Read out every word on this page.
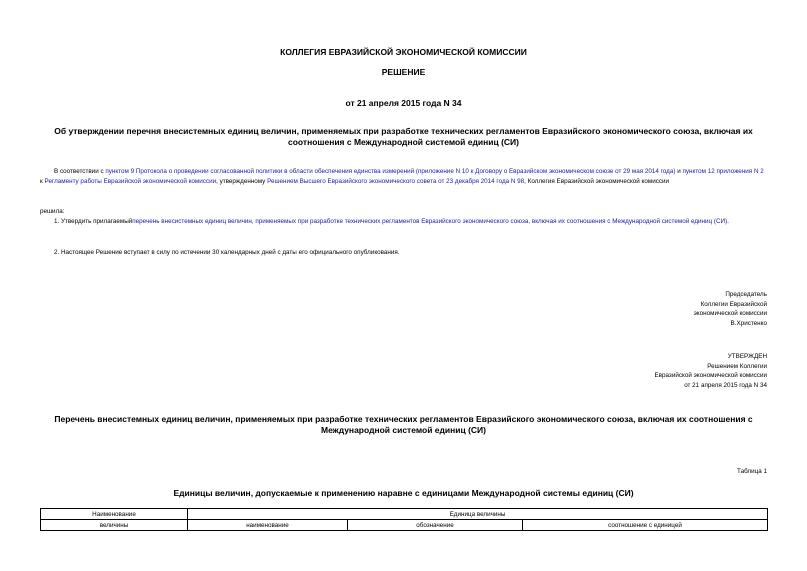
КОЛЛЕГИЯ ЕВРАЗИЙСКОЙ ЭКОНОМИЧЕСКОЙ КОМИССИИ
РЕШЕНИЕ
от 21 апреля 2015 года N 34
Об утверждении перечня внесистемных единиц величин, применяемых при разработке технических регламентов Евразийского экономического союза, включая их соотношения с Международной системой единиц (СИ)
В соответствии с пунктом 9 Протокола о проведении согласованной политики в области обеспечения единства измерений (приложение N 10 к Договору о Евразийском экономическом союзе от 29 мая 2014 года) и пунктом 12 приложения N 2 к Регламенту работы Евразийской экономической комиссии, утвержденному Решением Высшего Евразийского экономического совета от 23 декабря 2014 года N 98, Коллегия Евразийской экономической комиссии
решила:
1. Утвердить прилагаемыйперечень внесистемных единиц величин, применяемых при разработке технических регламентов Евразийского экономического союза, включая их соотношения с Международной системой единиц (СИ).
2. Настоящее Решение вступает в силу по истечении 30 календарных дней с даты его официального опубликования.
Председатель
Коллегии Евразийской
экономической комиссии
В.Христенко
УТВЕРЖДЕН
Решением Коллегии
Евразийской экономической комиссии
от 21 апреля 2015 года N 34
Перечень внесистемных единиц величин, применяемых при разработке технических регламентов Евразийского экономического союза, включая их соотношения с Международной системой единиц (СИ)
Таблица 1
Единицы величин, допускаемые к применению наравне с единицами Международной системы единиц (СИ)
Наименование	Единица величины		
величины	наименование	обозначение	соотношение с единицей
